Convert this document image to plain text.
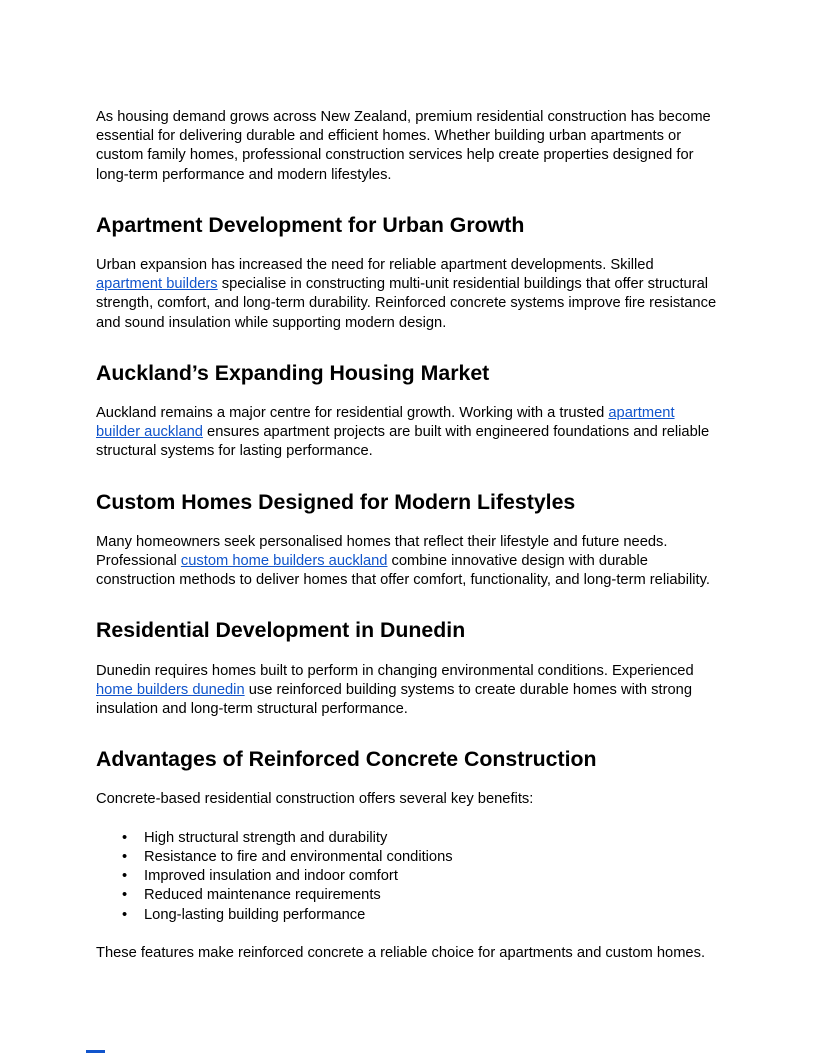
As housing demand grows across New Zealand, premium residential construction has become essential for delivering durable and efficient homes. Whether building urban apartments or custom family homes, professional construction services help create properties designed for long-term performance and modern lifestyles.

Apartment Development for Urban Growth

Urban expansion has increased the need for reliable apartment developments. Skilled apartment builders specialise in constructing multi-unit residential buildings that offer structural strength, comfort, and long-term durability. Reinforced concrete systems improve fire resistance and sound insulation while supporting modern design.

Auckland’s Expanding Housing Market

Auckland remains a major centre for residential growth. Working with a trusted apartment builder auckland ensures apartment projects are built with engineered foundations and reliable structural systems for lasting performance.

Custom Homes Designed for Modern Lifestyles

Many homeowners seek personalised homes that reflect their lifestyle and future needs. Professional custom home builders auckland combine innovative design with durable construction methods to deliver homes that offer comfort, functionality, and long-term reliability.

Residential Development in Dunedin

Dunedin requires homes built to perform in changing environmental conditions. Experienced home builders dunedin use reinforced building systems to create durable homes with strong insulation and long-term structural performance.

Advantages of Reinforced Concrete Construction

Concrete-based residential construction offers several key benefits:

• High structural strength and durability
• Resistance to fire and environmental conditions
• Improved insulation and indoor comfort
• Reduced maintenance requirements
• Long-lasting building performance

These features make reinforced concrete a reliable choice for apartments and custom homes.
